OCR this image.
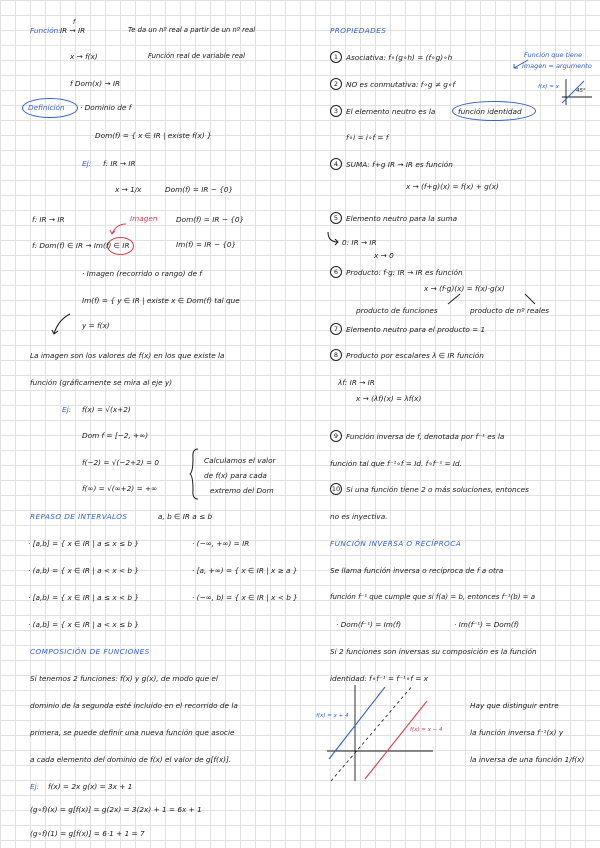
Función:
f
IR → IR	Te da un nº real a partir de un nº real
x → f(x)	Función real de variable real
f Dom(x) → IR
Definición · Dominio de f
Dom(f) = { x ∈ IR | existe f(x) }
Ej: f: IR → IR
x → 1/x	Dom(f) = IR − {0}
f: IR → IR	Imagen	Dom(f) = IR − {0}
f: Dom(f) ∈ IR → Im(f) ∈ IR	Im(f) = IR − {0}
· Imagen (recorrido o rango) de f
Im(f) = { y ∈ IR | existe x ∈ Dom(f) tal que
y = f(x)
La imagen son los valores de f(x) en los que existe la
función (gráficamente se mira al eje y)
Ej: f(x) = √(x+2)
Dom f = [−2, +∞)
f(−2) = √(−2+2) = 0
f(∞) = √(∞+2) = +∞
Calculamos el valor
de f(x) para cada
extremo del Dom
REPASO DE INTERVALOS	a, b ∈ IR a ≤ b
· [a,b] = { x ∈ IR | a ≤ x ≤ b }	· (−∞, +∞) = IR
· (a,b) = { x ∈ IR | a < x < b }	· [a, +∞) = { x ∈ IR | x ≥ a }
· [a,b) = { x ∈ IR | a ≤ x < b }	· (−∞, b) = { x ∈ IR | x < b }
· (a,b] = { x ∈ IR | a < x ≤ b }
COMPOSICIÓN DE FUNCIONES
Si tenemos 2 funciones: f(x) y g(x), de modo que el
dominio de la segunda esté incluido en el recorrido de la
primera, se puede definir una nueva función que asocie
a cada elemento del dominio de f(x) el valor de g[f(x)].
Ej: f(x) = 2x g(x) = 3x + 1
(g∘f)(x) = g[f(x)] = g(2x) = 3(2x) + 1 = 6x + 1
(g∘f)(1) = g[f(x)] = 6·1 + 1 = 7
PROPIEDADES
1	Asociativa: f∘(g∘h) = (f∘g)∘h	Función que tiene
imagen = argumento
f(x) = x
45°
2	NO es conmutativa: f∘g ≠ g∘f
3	El elemento neutro es la	función identidad
f∘i = i∘f = f
4	SUMA: f+g IR → IR es función
x → (f+g)(x) = f(x) + g(x)
5	Elemento neutro para la suma
0: IR → IR
x → 0
6	Producto: f·g: IR → IR es función
x → (f·g)(x) = f(x)·g(x)
producto de funciones	producto de nº reales
7	Elemento neutro para el producto = 1
8	Producto por escalares λ ∈ IR función
λf: IR → IR
x → (λf)(x) = λf(x)
9	Función inversa de f, denotada por f⁻¹ es la
función tal que f⁻¹∘f = Id. f∘f⁻¹ = Id.
10 Si una función tiene 2 o más soluciones, entonces
no es inyectiva.
FUNCIÓN INVERSA O RECÍPROCA
Se llama función inversa o recíproca de f a otra
función f⁻¹ que cumple que si f(a) = b, entonces f⁻¹(b) = a
· Dom(f⁻¹) = Im(f)	· Im(f⁻¹) = Dom(f)
Si 2 funciones son inversas su composición es la función
identidad: f∘f⁻¹ = f⁻¹∘f = x
f(x) = x + 4
f(x) = x − 4
Hay que distinguir entre
la función inversa f⁻¹(x) y
la inversa de una función 1/f(x)
